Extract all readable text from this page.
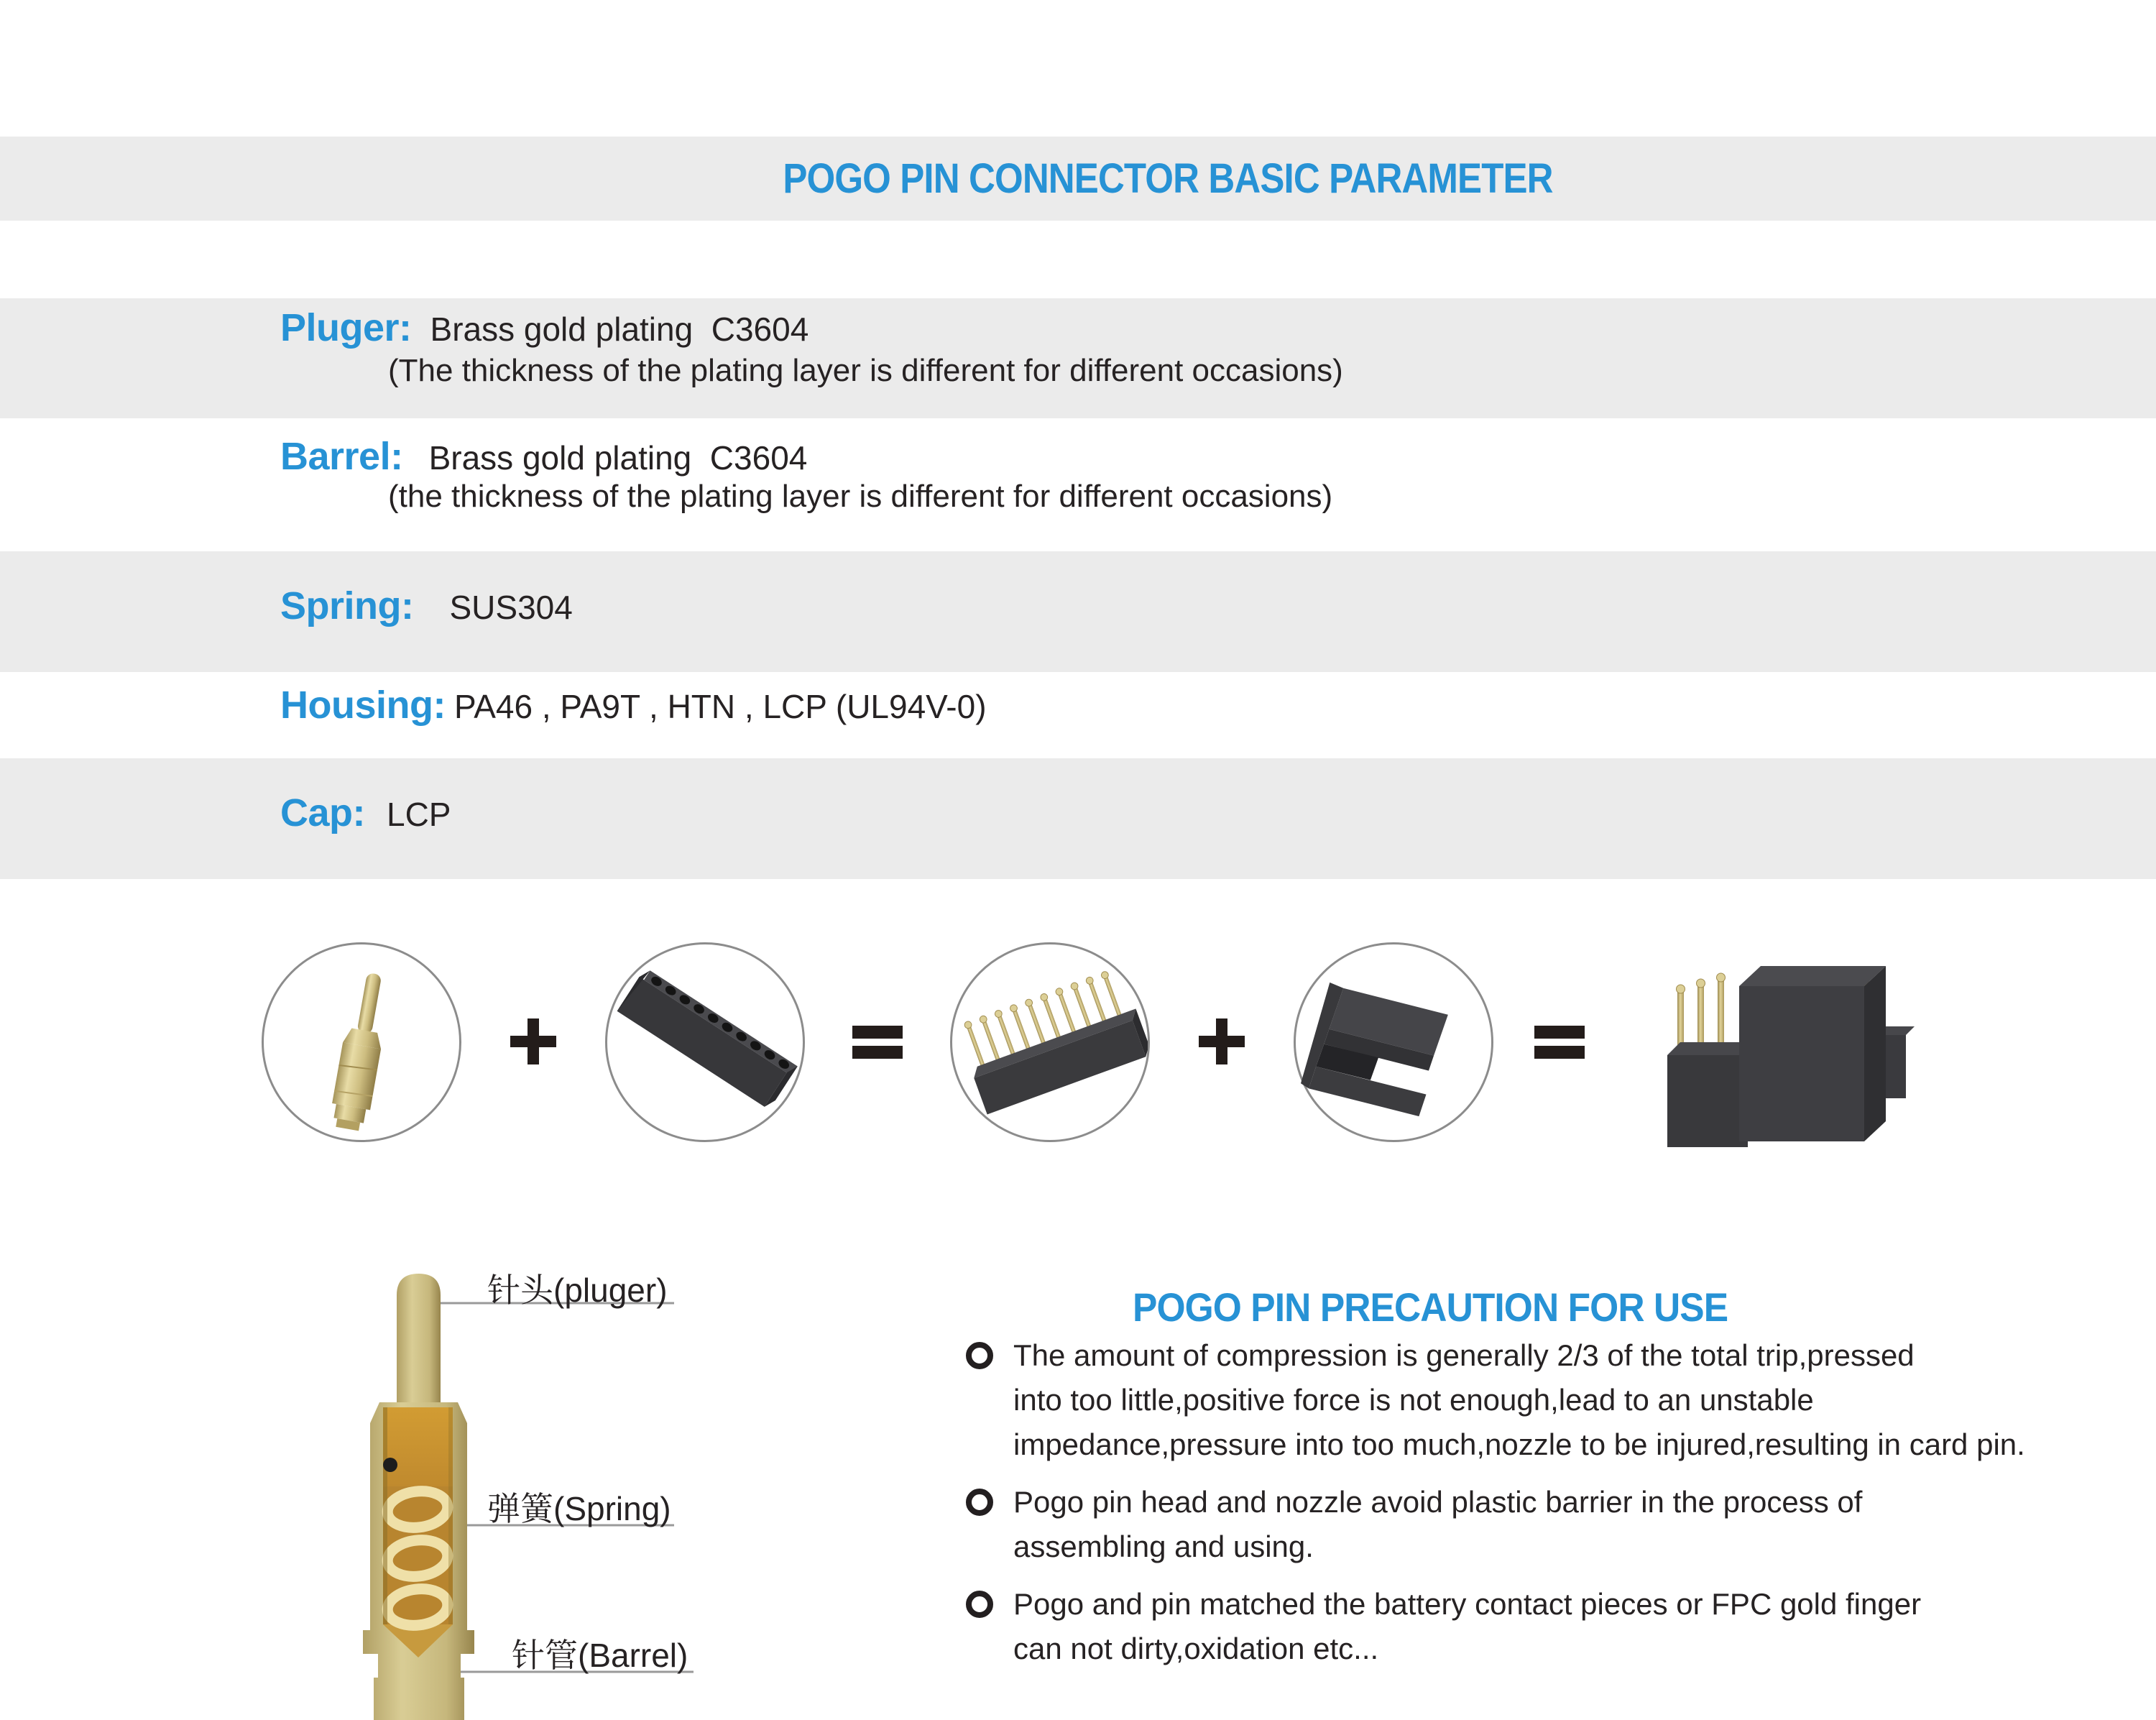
POGO PIN CONNECTOR BASIC PARAMETER
Pluger: Brass gold plating  C3604
(The thickness of the plating layer is different for different occasions)
Barrel: Brass gold plating  C3604
(the thickness of the plating layer is different for different occasions)
Spring: SUS304
Housing: PA46 , PA9T , HTN , LCP (UL94V-0)
Cap: LCP
针头(pluger)
弹簧(Spring)
针管(Barrel)
POGO PIN PRECAUTION FOR USE
The amount of compression is generally 2/3 of the total trip,pressed
into too little,positive force is not enough,lead to an unstable
impedance,pressure into too much,nozzle to be injured,resulting in card pin.
Pogo pin head and nozzle avoid plastic barrier in the process of
assembling and using.
Pogo and pin matched the battery contact pieces or FPC gold finger
can not dirty,oxidation etc...
